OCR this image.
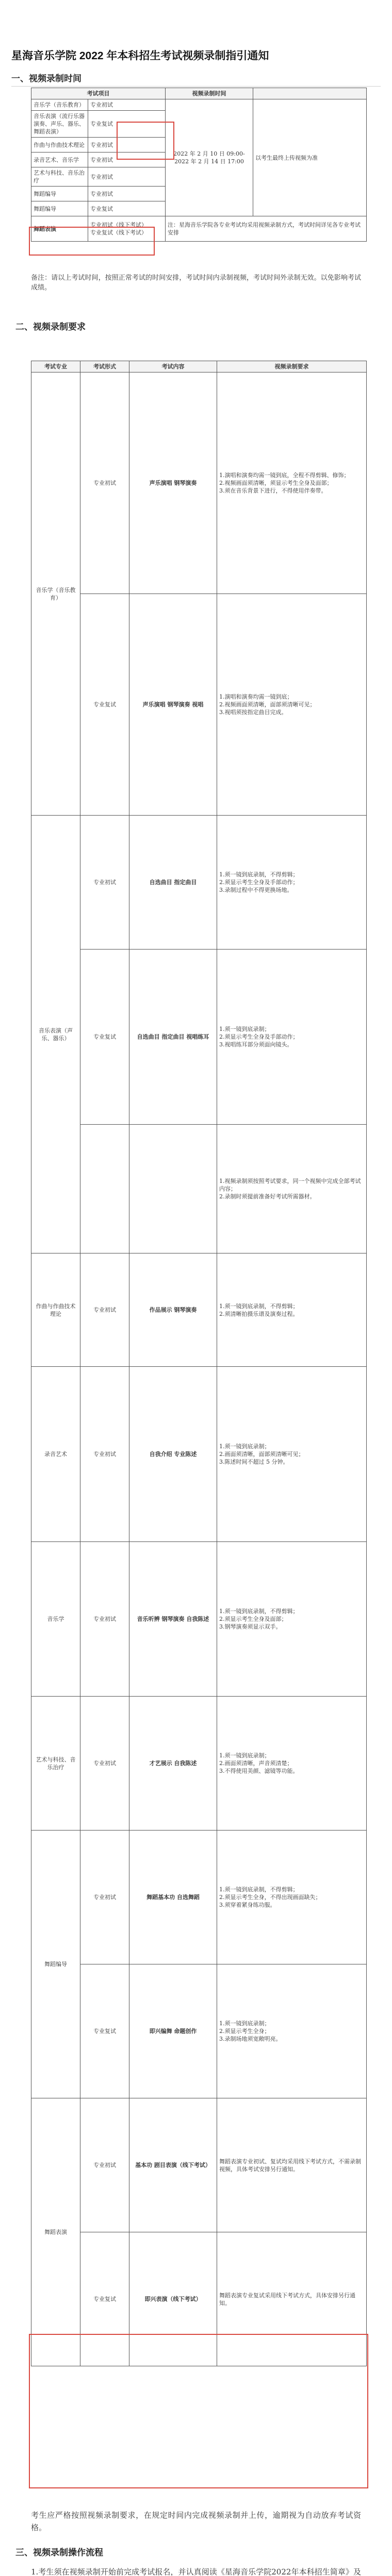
星海音乐学院 2022 年本科招生考试视频录制指引通知
一、视频录制时间
考试项目		视频录制时间	
音乐学（音乐教育）	专业初试	2022 年 2 月 10 日 09:00-2022 年 2 月 14 日 17:00	以考生最终上传视频为准
音乐表演（流行乐器演奏、声乐、器乐、舞蹈表演）	专业复试		
作曲与作曲技术理论	专业初试		
录音艺术、音乐学	专业初试		
艺术与科技、音乐治疗	专业初试		
舞蹈编导	专业初试		
舞蹈编导	专业复试		
舞蹈表演	专业初试（线下考试）
专业复试（线下考试）	注：星海音乐学院各专业考试均采用视频录制方式，考试时间详见各专业考试安排	
备注：请以上考试时间，按照正常考试的时间安排，考试时间内录制视频，考试时间外录制无效。以免影响考试成绩。
二、视频录制要求
考试专业	考试形式	考试内容	视频录制要求
音乐学（音乐教育）	专业初试	声乐演唱 钢琴演奏	1.演唱和演奏均需一镜到底，全程不得剪辑、修饰；
2.视频画面须清晰，须显示考生全身及面部；
3.须在音乐背景下进行，不得使用伴奏带。
	专业复试	声乐演唱 钢琴演奏 视唱	1.演唱和演奏均需一镜到底；
2.视频画面须清晰，面部须清晰可见；
3.视唱须按指定曲目完成。
音乐表演（声乐、器乐）	专业初试	自选曲目 指定曲目	1.须一镜到底录制，不得剪辑；
2.须显示考生全身及手部动作；
3.录制过程中不得更换场地。
	专业复试	自选曲目 指定曲目 视唱练耳	1.须一镜到底录制；
2.须显示考生全身及手部动作；
3.视唱练耳部分须面向镜头。
			1.视频录制须按照考试要求，同一个视频中完成全部考试内容；
2.录制时须提前准备好考试所需器材。
作曲与作曲技术理论	专业初试	作品展示 钢琴演奏	1.须一镜到底录制，不得剪辑；
2.须清晰拍摄乐谱及演奏过程。
录音艺术	专业初试	自我介绍 专业陈述	1.须一镜到底录制；
2.画面须清晰，面部须清晰可见；
3.陈述时间不超过 5 分钟。
音乐学	专业初试	音乐听辨 钢琴演奏 自我陈述	1.须一镜到底录制，不得剪辑；
2.须显示考生全身及面部；
3.钢琴演奏须显示双手。
艺术与科技、音乐治疗	专业初试	才艺展示 自我陈述	1.须一镜到底录制；
2.画面须清晰，声音须清楚；
3.不得使用美颜、滤镜等功能。
舞蹈编导	专业初试	舞蹈基本功 自选舞蹈	1.须一镜到底录制，不得剪辑；
2.须显示考生全身，不得出现画面缺失；
3.须穿着紧身练功服。
	专业复试	即兴编舞 命题创作	1.须一镜到底录制；
2.须显示考生全身；
3.录制场地须宽敞明亮。
舞蹈表演	专业初试	基本功 剧目表演（线下考试）	舞蹈表演专业初试、复试均采用线下考试方式，不需录制视频，具体考试安排另行通知。
	专业复试	即兴表演（线下考试）	舞蹈表演专业复试采用线下考试方式，具体安排另行通知。
考生应严格按照视频录制要求，在规定时间内完成视频录制并上传，逾期视为自动放弃考试资格。
三、视频录制操作流程

1.考生须在视频录制开始前完成考试报名，并认真阅读《星海音乐学院2022年本科招生简章》及
